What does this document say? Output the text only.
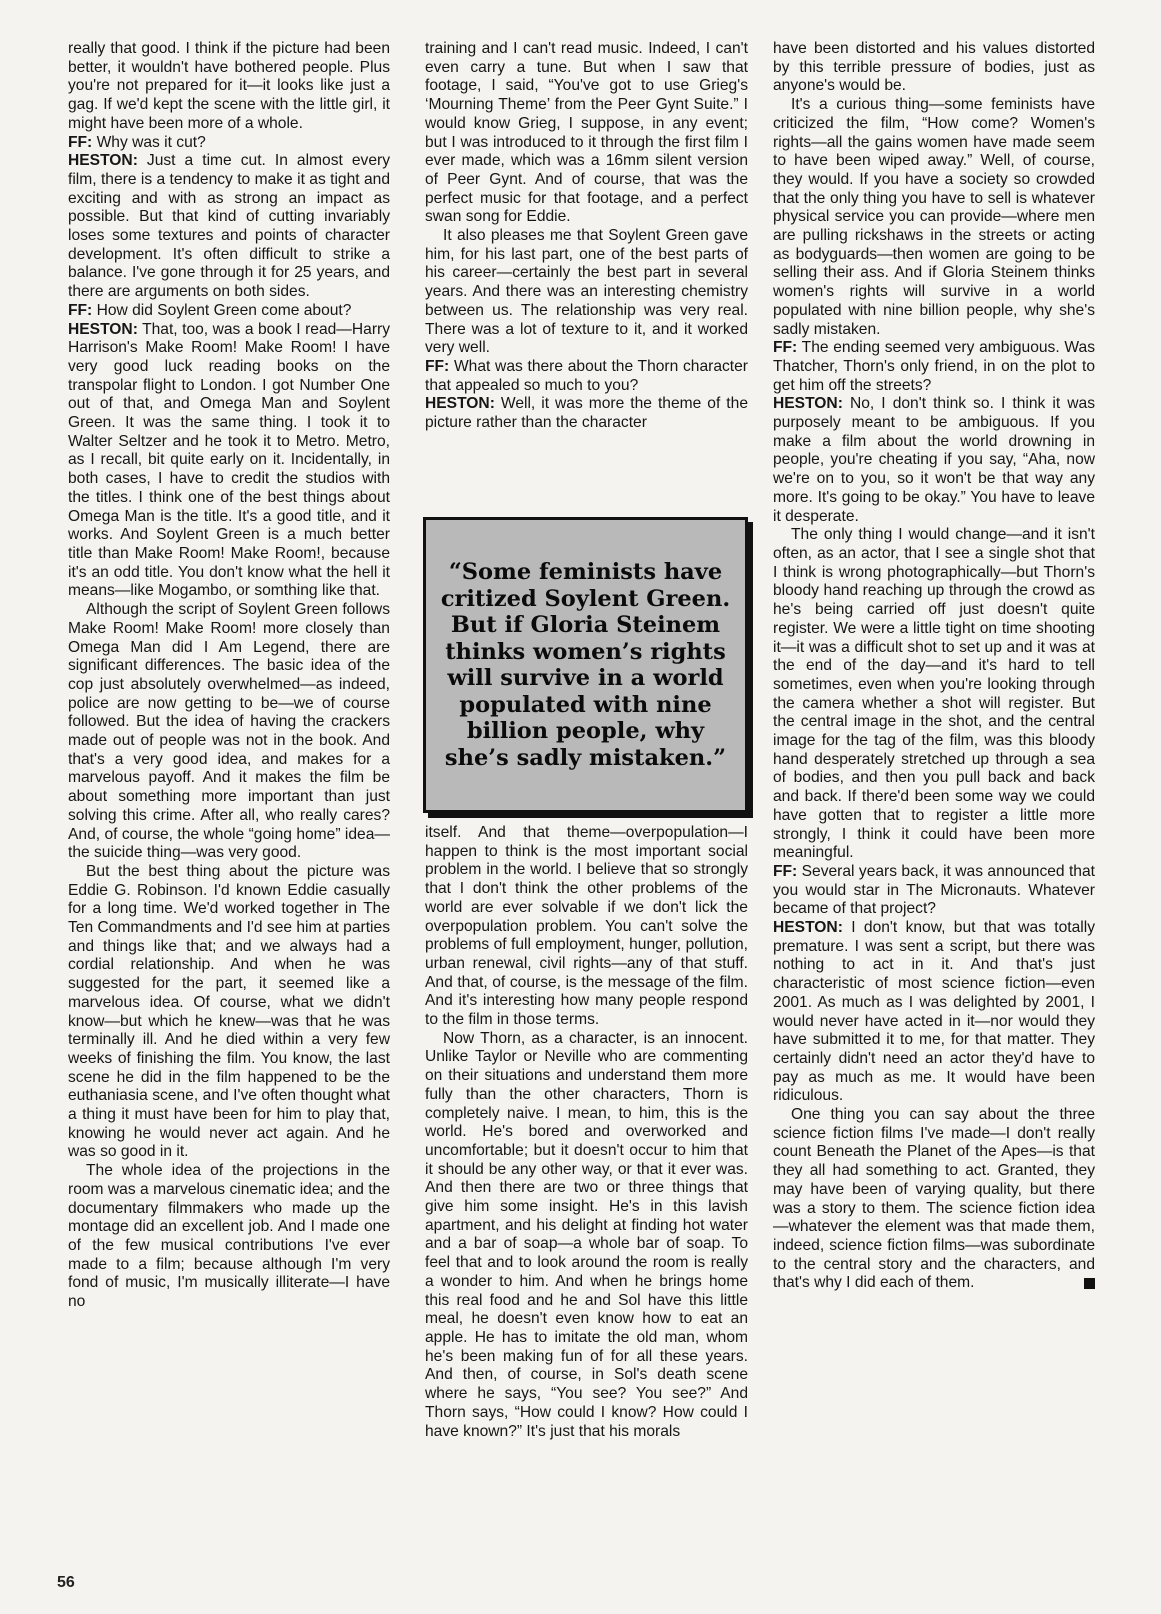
really that good. I think if the picture had been better, it wouldn't have bothered people. Plus you're not prepared for it—it looks like just a gag. If we'd kept the scene with the little girl, it might have been more of a whole.

FF: Why was it cut?

HESTON: Just a time cut. In almost every film, there is a tendency to make it as tight and exciting and with as strong an impact as possible. But that kind of cutting invariably loses some textures and points of character development. It's often difficult to strike a balance. I've gone through it for 25 years, and there are arguments on both sides.

FF: How did Soylent Green come about?

HESTON: That, too, was a book I read—Harry Harrison's Make Room! Make Room! I have very good luck reading books on the transpolar flight to London. I got Number One out of that, and Omega Man and Soylent Green. It was the same thing. I took it to Walter Seltzer and he took it to Metro. Metro, as I recall, bit quite early on it. Incidentally, in both cases, I have to credit the studios with the titles. I think one of the best things about Omega Man is the title. It's a good title, and it works. And Soylent Green is a much better title than Make Room! Make Room!, because it's an odd title. You don't know what the hell it means—like Mogambo, or somthing like that.

Although the script of Soylent Green follows Make Room! Make Room! more closely than Omega Man did I Am Legend, there are significant differences. The basic idea of the cop just absolutely overwhelmed—as indeed, police are now getting to be—we of course followed. But the idea of having the crackers made out of people was not in the book. And that's a very good idea, and makes for a marvelous payoff. And it makes the film be about something more important than just solving this crime. After all, who really cares? And, of course, the whole “going home” idea—the suicide thing—was very good.

But the best thing about the picture was Eddie G. Robinson. I'd known Eddie casually for a long time. We'd worked together in The Ten Commandments and I'd see him at parties and things like that; and we always had a cordial relationship. And when he was suggested for the part, it seemed like a marvelous idea. Of course, what we didn't know—but which he knew—was that he was terminally ill. And he died within a very few weeks of finishing the film. You know, the last scene he did in the film happened to be the euthaniasia scene, and I've often thought what a thing it must have been for him to play that, knowing he would never act again. And he was so good in it.

The whole idea of the projections in the room was a marvelous cinematic idea; and the documentary filmmakers who made up the montage did an excellent job. And I made one of the few musical contributions I've ever made to a film; because although I'm very fond of music, I'm musically illiterate—I have no

training and I can't read music. Indeed, I can't even carry a tune. But when I saw that footage, I said, “You've got to use Grieg's ‘Mourning Theme’ from the Peer Gynt Suite.” I would know Grieg, I suppose, in any event; but I was introduced to it through the first film I ever made, which was a 16mm silent version of Peer Gynt. And of course, that was the perfect music for that footage, and a perfect swan song for Eddie.

It also pleases me that Soylent Green gave him, for his last part, one of the best parts of his career—certainly the best part in several years. And there was an interesting chemistry between us. The relationship was very real. There was a lot of texture to it, and it worked very well.

FF: What was there about the Thorn character that appealed so much to you?

HESTON: Well, it was more the theme of the picture rather than the character

“Some feminists have critized Soylent Green. But if Gloria Steinem thinks women’s rights will survive in a world populated with nine billion people, why she’s sadly mistaken.”

itself. And that theme—overpopulation—I happen to think is the most important social problem in the world. I believe that so strongly that I don't think the other problems of the world are ever solvable if we don't lick the overpopulation problem. You can't solve the problems of full employment, hunger, pollution, urban renewal, civil rights—any of that stuff. And that, of course, is the message of the film. And it's interesting how many people respond to the film in those terms.

Now Thorn, as a character, is an innocent. Unlike Taylor or Neville who are commenting on their situations and understand them more fully than the other characters, Thorn is completely naive. I mean, to him, this is the world. He's bored and overworked and uncomfortable; but it doesn't occur to him that it should be any other way, or that it ever was. And then there are two or three things that give him some insight. He's in this lavish apartment, and his delight at finding hot water and a bar of soap—a whole bar of soap. To feel that and to look around the room is really a wonder to him. And when he brings home this real food and he and Sol have this little meal, he doesn't even know how to eat an apple. He has to imitate the old man, whom he's been making fun of for all these years. And then, of course, in Sol's death scene where he says, “You see? You see?” And Thorn says, “How could I know? How could I have known?” It's just that his morals

have been distorted and his values distorted by this terrible pressure of bodies, just as anyone's would be.

It's a curious thing—some feminists have criticized the film, “How come? Women's rights—all the gains women have made seem to have been wiped away.” Well, of course, they would. If you have a society so crowded that the only thing you have to sell is whatever physical service you can provide—where men are pulling rickshaws in the streets or acting as bodyguards—then women are going to be selling their ass. And if Gloria Steinem thinks women's rights will survive in a world populated with nine billion people, why she's sadly mistaken.

FF: The ending seemed very ambiguous. Was Thatcher, Thorn's only friend, in on the plot to get him off the streets?

HESTON: No, I don't think so. I think it was purposely meant to be ambiguous. If you make a film about the world drowning in people, you're cheating if you say, “Aha, now we're on to you, so it won't be that way any more. It's going to be okay.” You have to leave it desperate.

The only thing I would change—and it isn't often, as an actor, that I see a single shot that I think is wrong photographically—but Thorn's bloody hand reaching up through the crowd as he's being carried off just doesn't quite register. We were a little tight on time shooting it—it was a difficult shot to set up and it was at the end of the day—and it's hard to tell sometimes, even when you're looking through the camera whether a shot will register. But the central image in the shot, and the central image for the tag of the film, was this bloody hand desperately stretched up through a sea of bodies, and then you pull back and back and back. If there'd been some way we could have gotten that to register a little more strongly, I think it could have been more meaningful.

FF: Several years back, it was announced that you would star in The Micronauts. Whatever became of that project?

HESTON: I don't know, but that was totally premature. I was sent a script, but there was nothing to act in it. And that's just characteristic of most science fiction—even 2001. As much as I was delighted by 2001, I would never have acted in it—nor would they have submitted it to me, for that matter. They certainly didn't need an actor they'd have to pay as much as me. It would have been ridiculous.

One thing you can say about the three science fiction films I've made—I don't really count Beneath the Planet of the Apes—is that they all had something to act. Granted, they may have been of varying quality, but there was a story to them. The science fiction idea—whatever the element was that made them, indeed, science fiction films—was subordinate to the central story and the characters, and that's why I did each of them.

56
